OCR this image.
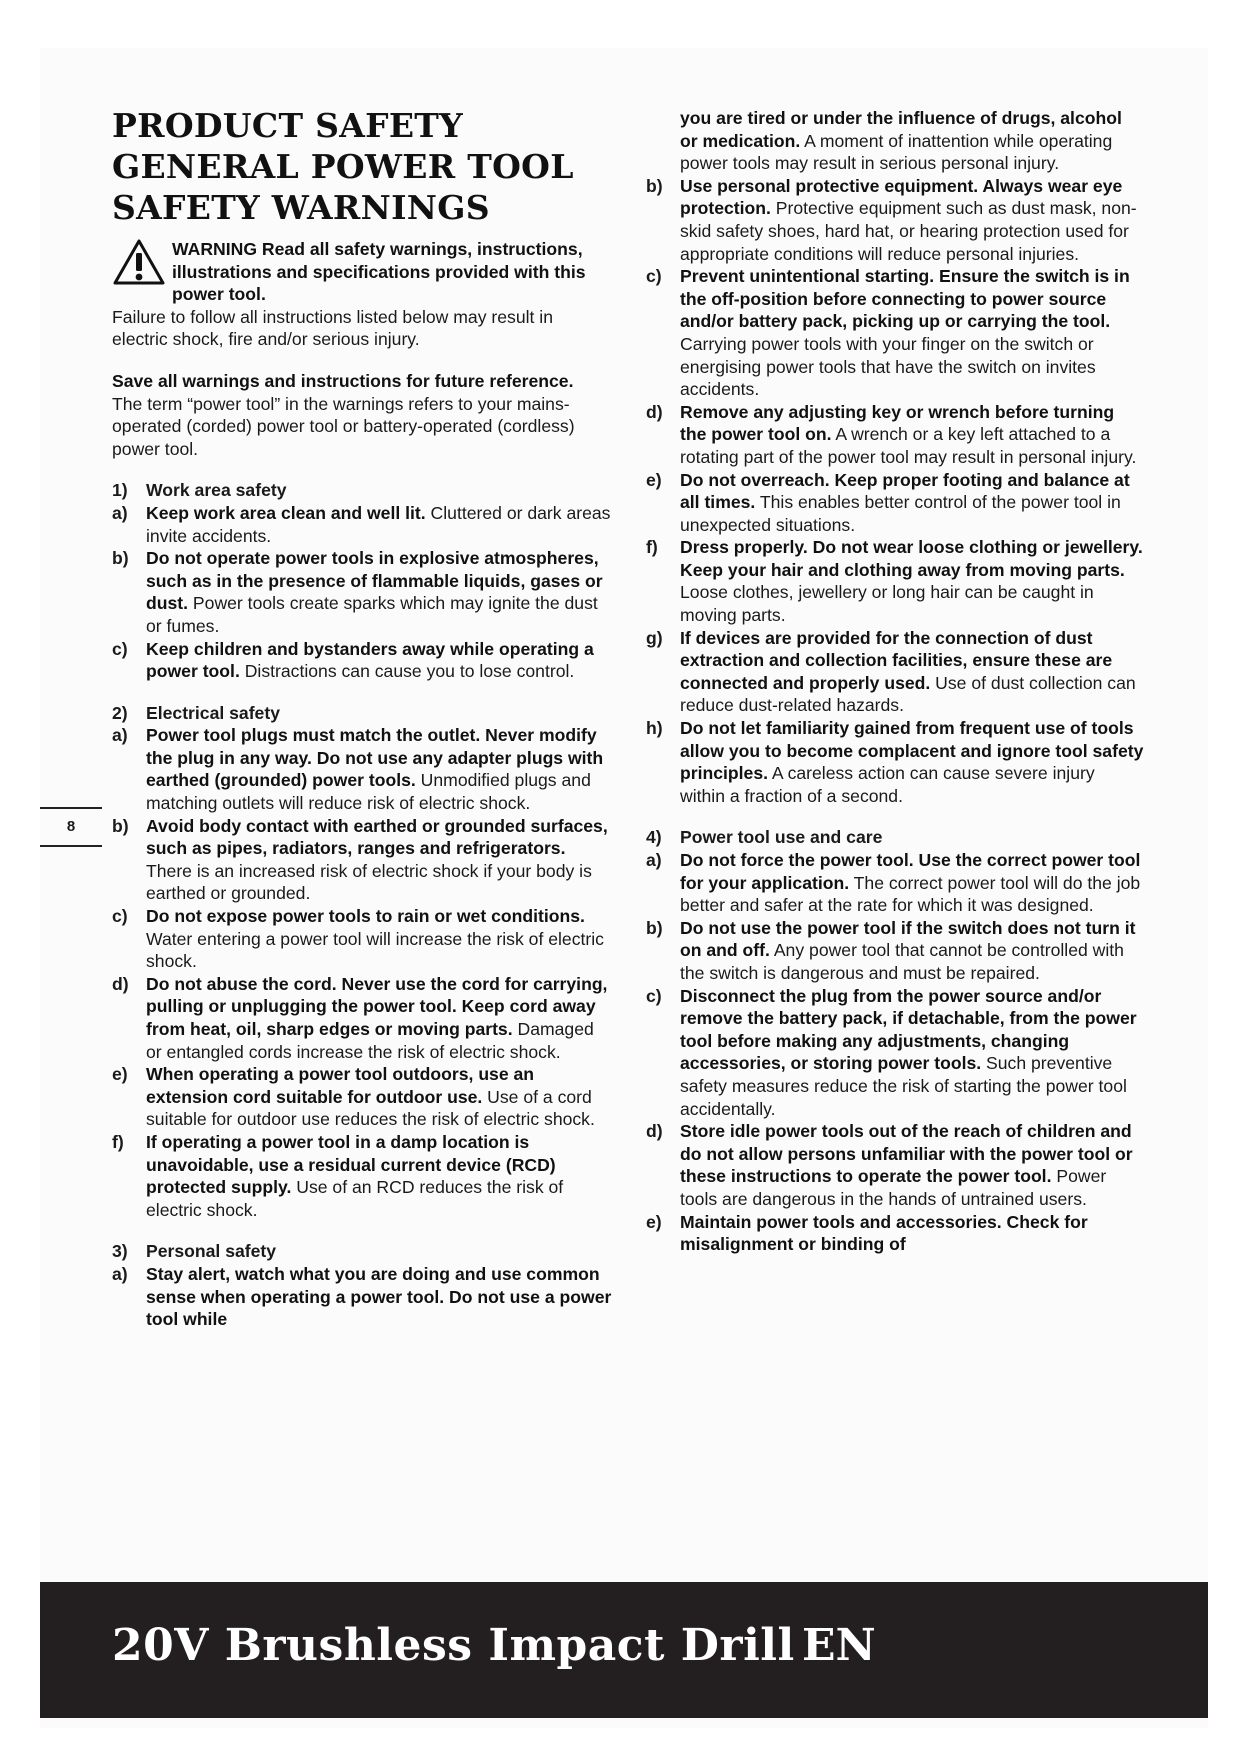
PRODUCT SAFETY
GENERAL POWER TOOL
SAFETY WARNINGS

WARNING Read all safety warnings, instructions, illustrations and specifications provided with this power tool.

Failure to follow all instructions listed below may result in electric shock, fire and/or serious injury.

Save all warnings and instructions for future reference.

The term “power tool” in the warnings refers to your mains-operated (corded) power tool or battery-operated (cordless) power tool.

1) Work area safety
a) Keep work area clean and well lit. Cluttered or dark areas invite accidents.
b) Do not operate power tools in explosive atmospheres, such as in the presence of flammable liquids, gases or dust. Power tools create sparks which may ignite the dust or fumes.
c) Keep children and bystanders away while operating a power tool. Distractions can cause you to lose control.
2) Electrical safety
a) Power tool plugs must match the outlet. Never modify the plug in any way. Do not use any adapter plugs with earthed (grounded) power tools. Unmodified plugs and matching outlets will reduce risk of electric shock.
b) Avoid body contact with earthed or grounded surfaces, such as pipes, radiators, ranges and refrigerators. There is an increased risk of electric shock if your body is earthed or grounded.
c) Do not expose power tools to rain or wet conditions. Water entering a power tool will increase the risk of electric shock.
d) Do not abuse the cord. Never use the cord for carrying, pulling or unplugging the power tool. Keep cord away from heat, oil, sharp edges or moving parts. Damaged or entangled cords increase the risk of electric shock.
e) When operating a power tool outdoors, use an extension cord suitable for outdoor use. Use of a cord suitable for outdoor use reduces the risk of electric shock.
f) If operating a power tool in a damp location is unavoidable, use a residual current device (RCD) protected supply. Use of an RCD reduces the risk of electric shock.
3) Personal safety
a) Stay alert, watch what you are doing and use common sense when operating a power tool. Do not use a power tool while
you are tired or under the influence of drugs, alcohol or medication. A moment of inattention while operating power tools may result in serious personal injury.
b) Use personal protective equipment. Always wear eye protection. Protective equipment such as dust mask, non-skid safety shoes, hard hat, or hearing protection used for appropriate conditions will reduce personal injuries.
c) Prevent unintentional starting. Ensure the switch is in the off-position before connecting to power source and/or battery pack, picking up or carrying the tool. Carrying power tools with your finger on the switch or energising power tools that have the switch on invites accidents.
d) Remove any adjusting key or wrench before turning the power tool on. A wrench or a key left attached to a rotating part of the power tool may result in personal injury.
e) Do not overreach. Keep proper footing and balance at all times. This enables better control of the power tool in unexpected situations.
f) Dress properly. Do not wear loose clothing or jewellery. Keep your hair and clothing away from moving parts. Loose clothes, jewellery or long hair can be caught in moving parts.
g) If devices are provided for the connection of dust extraction and collection facilities, ensure these are connected and properly used. Use of dust collection can reduce dust-related hazards.
h) Do not let familiarity gained from frequent use of tools allow you to become complacent and ignore tool safety principles. A careless action can cause severe injury within a fraction of a second.
4) Power tool use and care
a) Do not force the power tool. Use the correct power tool for your application. The correct power tool will do the job better and safer at the rate for which it was designed.
b) Do not use the power tool if the switch does not turn it on and off. Any power tool that cannot be controlled with the switch is dangerous and must be repaired.
c) Disconnect the plug from the power source and/or remove the battery pack, if detachable, from the power tool before making any adjustments, changing accessories, or storing power tools. Such preventive safety measures reduce the risk of starting the power tool accidentally.
d) Store idle power tools out of the reach of children and do not allow persons unfamiliar with the power tool or these instructions to operate the power tool. Power tools are dangerous in the hands of untrained users.
e) Maintain power tools and accessories. Check for misalignment or binding of
8
20V Brushless Impact Drill EN
